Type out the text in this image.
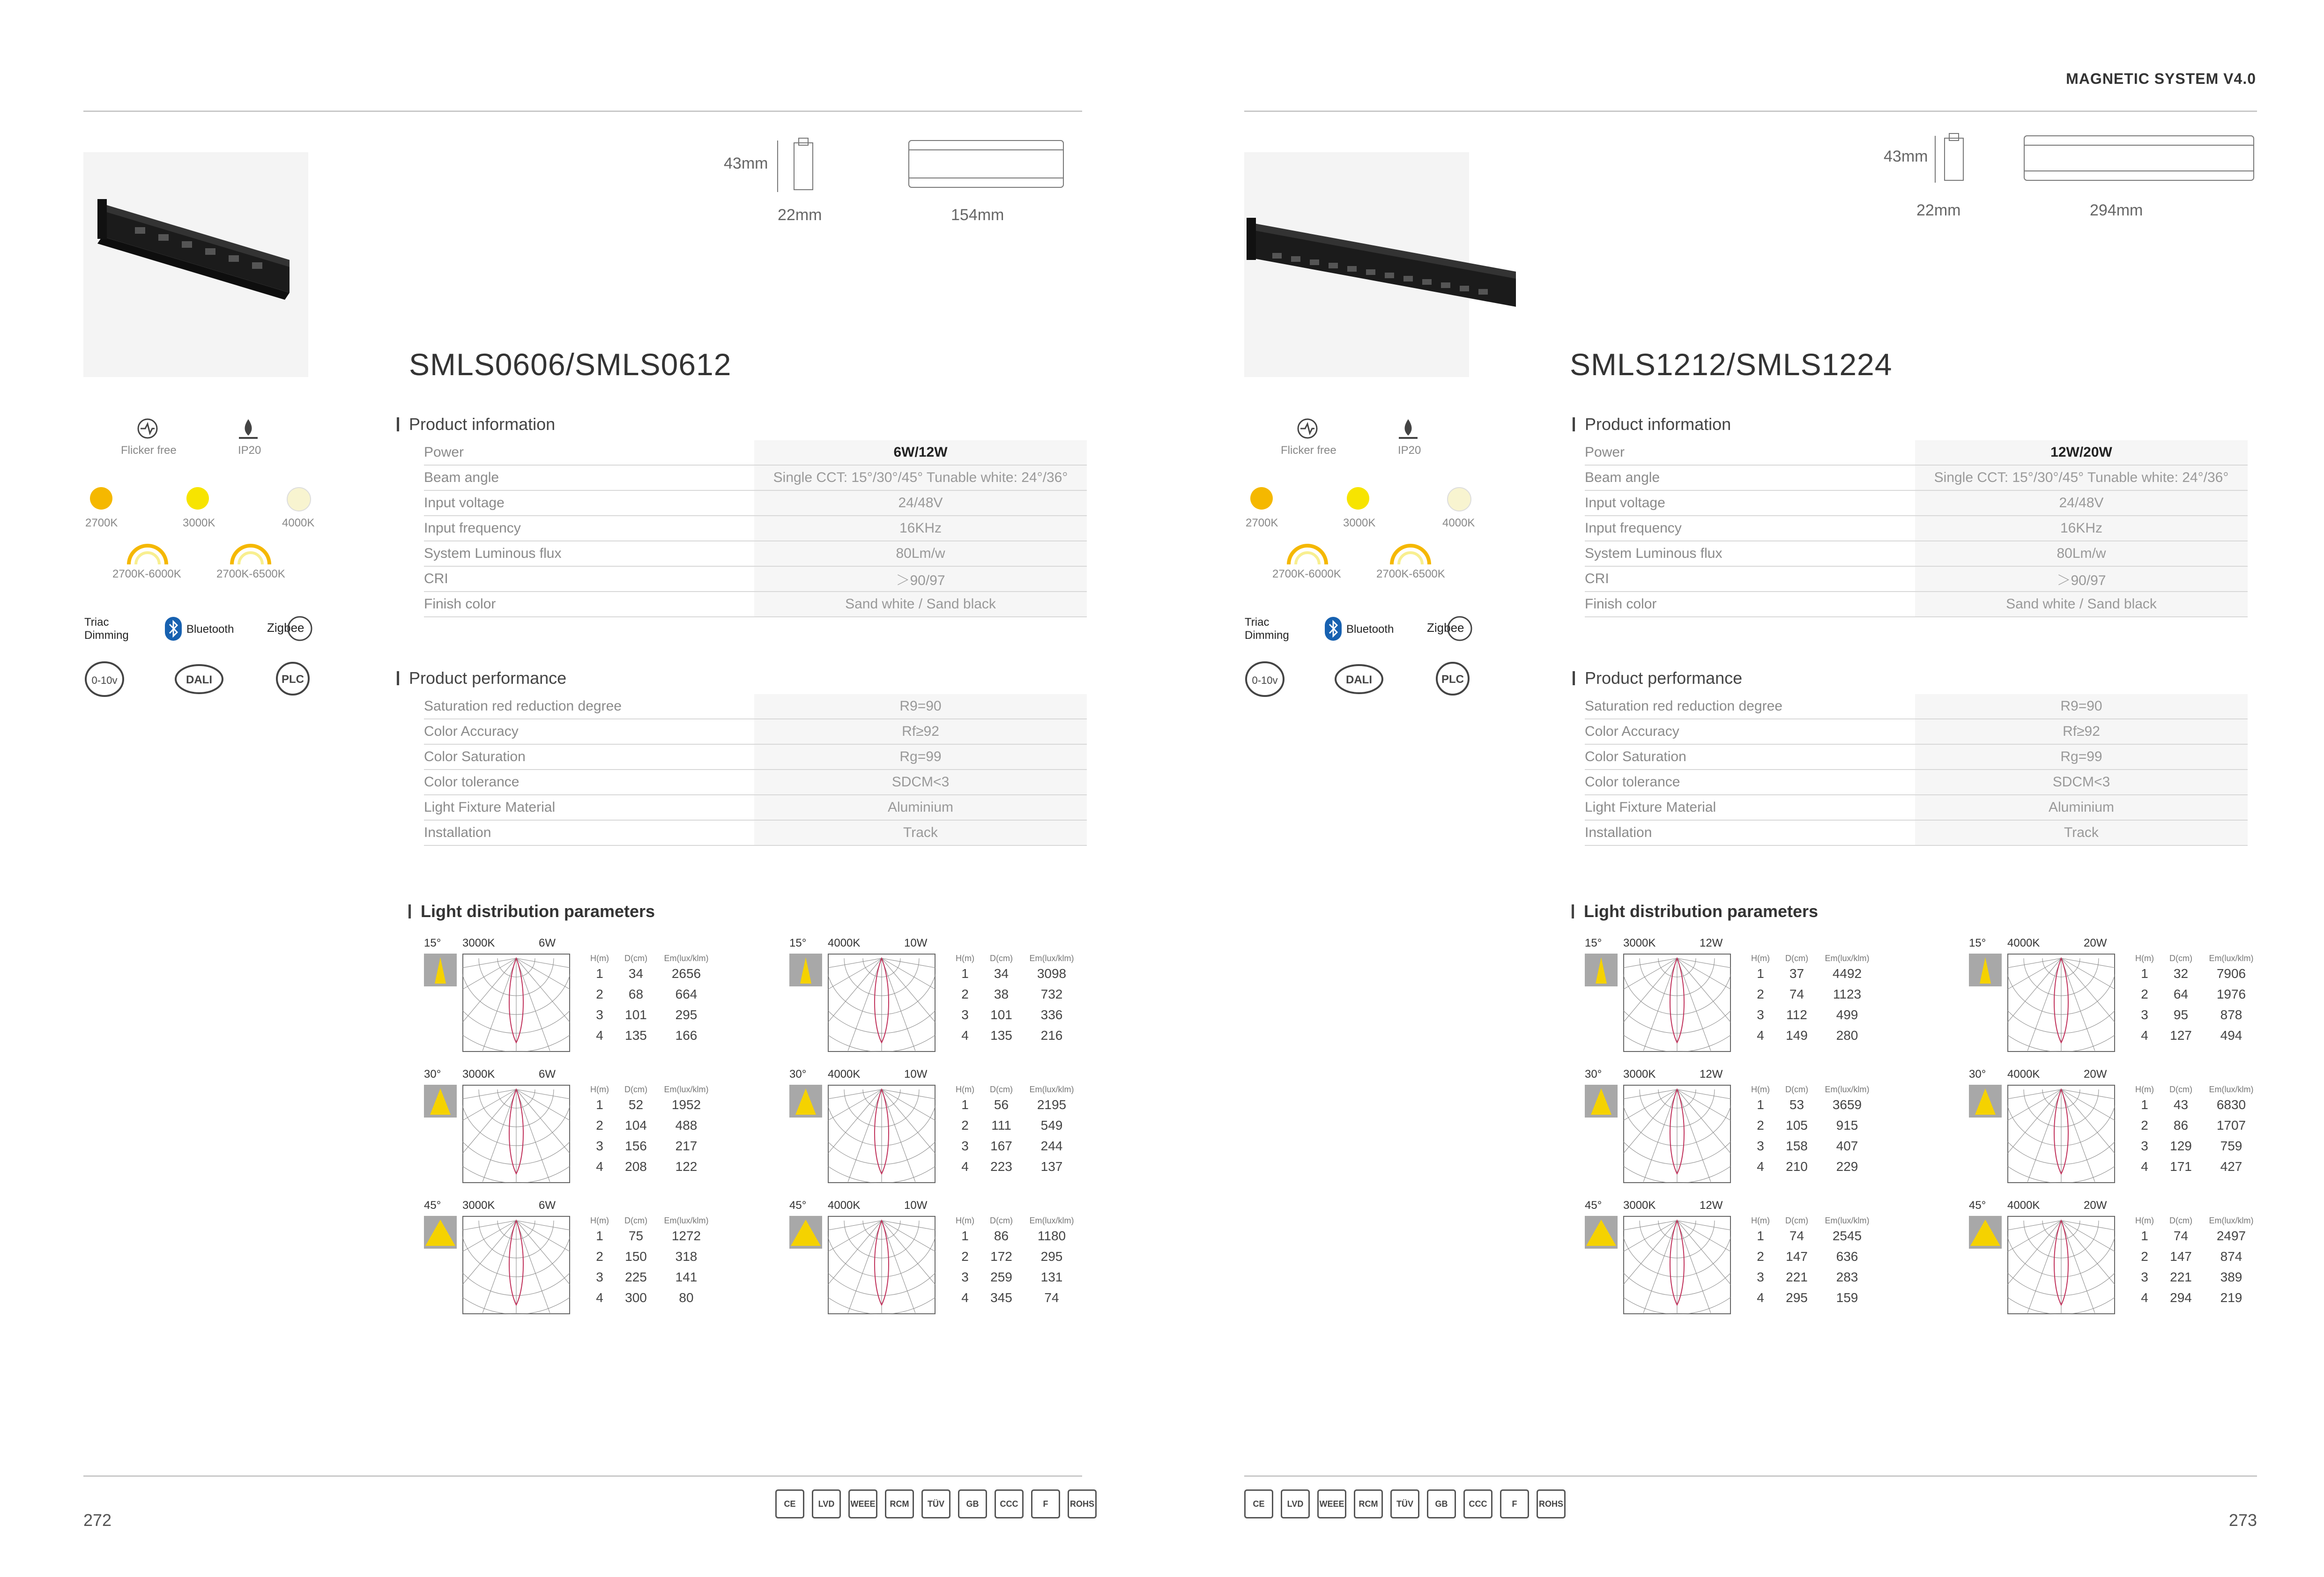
43mm
22mm	154mm
SMLS0606/SMLS0612
Flicker free	IP20
2700K	3000K	4000K
2700K-6000K	2700K-6500K
Triac Dimming	Bluetooth	Zigbee
0-10v	DALI	PLC
Product information
Power	6W/12W
Beam angle	Single CCT: 15°/30°/45° Tunable white: 24°/36°
Input voltage	24/48V
Input frequency	16KHz
System Luminous flux	80Lm/w
CRI	＞90/97
Finish color	Sand white / Sand black
Product performance
Saturation red reduction degree	R9=90
Color Accuracy	Rf≥92
Color Saturation	Rg=99
Color tolerance	SDCM<3
Light Fixture Material	Aluminium
Installation	Track
Light distribution parameters
15° 3000K	6W
H(m)	D(cm)	Em(lux/klm)
1	34	2656
2	68	664
3	101	295
4	135	166
15° 4000K	10W
H(m)	D(cm)	Em(lux/klm)
1	34	3098
2	38	732
3	101	336
4	135	216
30° 3000K	6W
H(m)	D(cm)	Em(lux/klm)
1	52	1952
2	104	488
3	156	217
4	208	122
30° 4000K	10W
H(m)	D(cm)	Em(lux/klm)
1	56	2195
2	111	549
3	167	244
4	223	137
45° 3000K	6W
H(m)	D(cm)	Em(lux/klm)
1	75	1272
2	150	318
3	225	141
4	300	80
45° 4000K	10W
H(m)	D(cm)	Em(lux/klm)
1	86	1180
2	172	295
3	259	131
4	345	74
272
CE	LVD	WEEE	RCM	TÜV	GB	CCC	F	ROHS
MAGNETIC SYSTEM V4.0
43mm
22mm	294mm
SMLS1212/SMLS1224
Flicker free	IP20
2700K	3000K	4000K
2700K-6000K	2700K-6500K
Triac Dimming	Bluetooth	Zigbee
0-10v	DALI	PLC
Product information
Power	12W/20W
Beam angle	Single CCT: 15°/30°/45° Tunable white: 24°/36°
Input voltage	24/48V
Input frequency	16KHz
System Luminous flux	80Lm/w
CRI	＞90/97
Finish color	Sand white / Sand black
Product performance
Saturation red reduction degree	R9=90
Color Accuracy	Rf≥92
Color Saturation	Rg=99
Color tolerance	SDCM<3
Light Fixture Material	Aluminium
Installation	Track
Light distribution parameters
15° 3000K	12W
H(m)	D(cm)	Em(lux/klm)
1	37	4492
2	74	1123
3	112	499
4	149	280
15° 4000K	20W
H(m)	D(cm)	Em(lux/klm)
1	32	7906
2	64	1976
3	95	878
4	127	494
30° 3000K	12W
H(m)	D(cm)	Em(lux/klm)
1	53	3659
2	105	915
3	158	407
4	210	229
30° 4000K	20W
H(m)	D(cm)	Em(lux/klm)
1	43	6830
2	86	1707
3	129	759
4	171	427
45° 3000K	12W
H(m)	D(cm)	Em(lux/klm)
1	74	2545
2	147	636
3	221	283
4	295	159
45° 4000K	20W
H(m)	D(cm)	Em(lux/klm)
1	74	2497
2	147	874
3	221	389
4	294	219
273
CE	LVD	WEEE	RCM	TÜV	GB	CCC	F	ROHS
